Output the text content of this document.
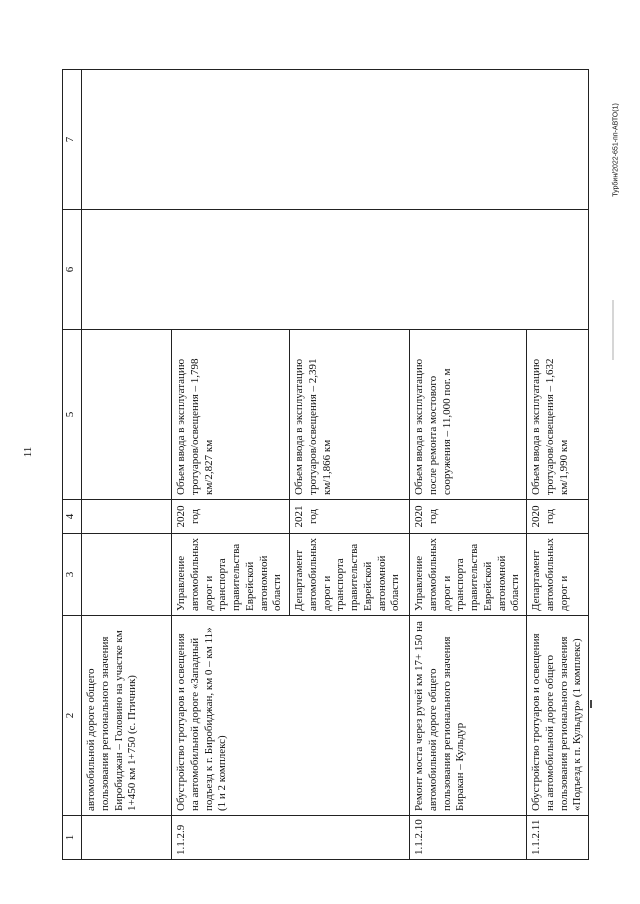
11
Турбин/2022-651-пп-АВТО(1)
1	2	3	4	5	6	7
	автомобильной дороге общего пользования регионального значения Биробиджан – Головино на участке км 1+450 км 1+750 (с. Птичник)					
1.1.2.9	Обустройство тротуаров и освещения на автомобильной дороге «Западный подъезд к г. Биробиджан, км 0 – км 11» (1 и 2 комплекс)	Управление автомобильных дорог и транспорта правительства Еврейской автономной области	2020 год	Объем ввода в эксплуатацию тротуаров/освещения – 1,798 км/2,827 км		
		Департамент автомобильных дорог и транспорта правительства Еврейской автономной области	2021 год	Объем ввода в эксплуатацию тротуаров/освещения – 2,391 км/1,866 км		
1.1.2.10	Ремонт моста через ручей км 17+ 150 на автомобильной дороге общего пользования регионального значения Биракан – Кульдур	Управление автомобильных дорог и транспорта правительства Еврейской автономной области	2020 год	Объем ввода в эксплуатацию после ремонта мостового сооружения – 11,000 пог. м		
1.1.2.11	Обустройство тротуаров и освещения на автомобильной дороге общего пользования регионального значения «Подъезд к п. Кульдур» (1 комплекс)	Департамент автомобильных дорог и	2020 год	Объем ввода в эксплуатацию тротуаров/освещения – 1,632 км/1,990 км		
